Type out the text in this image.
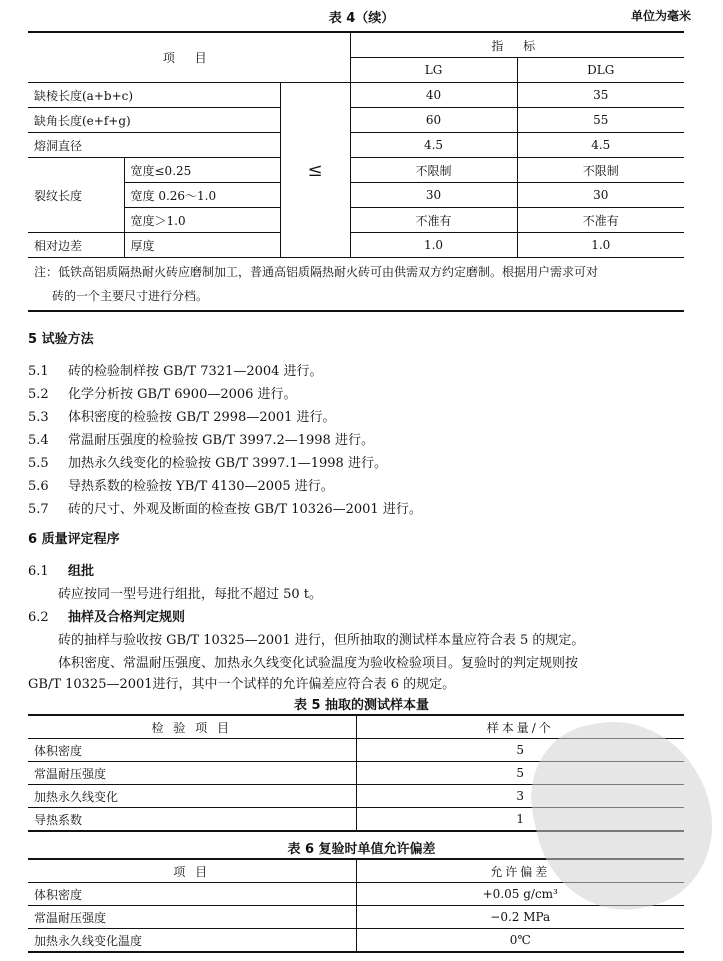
表 4（续）	单位为毫米
项 目			指 标	
			LG	DLG
缺棱长度(a+b+c)		≤	40	35
缺角长度(e+f+g)			60	55
熔洞直径			4.5	4.5
裂纹长度	宽度≤0.25		不限制	不限制
	宽度 0.26～1.0		30	30
	宽度＞1.0		不准有	不准有
相对边差	厚度		1.0	1.0

注：低铁高铝质隔热耐火砖应磨制加工，普通高铝质隔热耐火砖可由供需双方约定磨制。根据用户需求可对
砖的一个主要尺寸进行分档。				
5 试验方法
5.1 砖的检验制样按 GB/T 7321—2004 进行。
5.2 化学分析按 GB/T 6900—2006 进行。
5.3 体积密度的检验按 GB/T 2998—2001 进行。
5.4 常温耐压强度的检验按 GB/T 3997.2—1998 进行。
5.5 加热永久线变化的检验按 GB/T 3997.1—1998 进行。
5.6 导热系数的检验按 YB/T 4130—2005 进行。
5.7 砖的尺寸、外观及断面的检查按 GB/T 10326—2001 进行。
6 质量评定程序
6.1 组批
砖应按同一型号进行组批，每批不超过 50 t。
6.2 抽样及合格判定规则
砖的抽样与验收按 GB/T 10325—2001 进行，但所抽取的测试样本量应符合表 5 的规定。
体积密度、常温耐压强度、加热永久线变化试验温度为验收检验项目。复验时的判定规则按
GB/T 10325—2001进行，其中一个试样的允许偏差应符合表 6 的规定。
表 5 抽取的测试样本量
检 验 项 目	样本量/个
体积密度	5
常温耐压强度	5
加热永久线变化	3
导热系数	1
表 6 复验时单值允许偏差
项 目	允许偏差
体积密度	+0.05 g/cm³
常温耐压强度	−0.2 MPa
加热永久线变化温度	0℃
